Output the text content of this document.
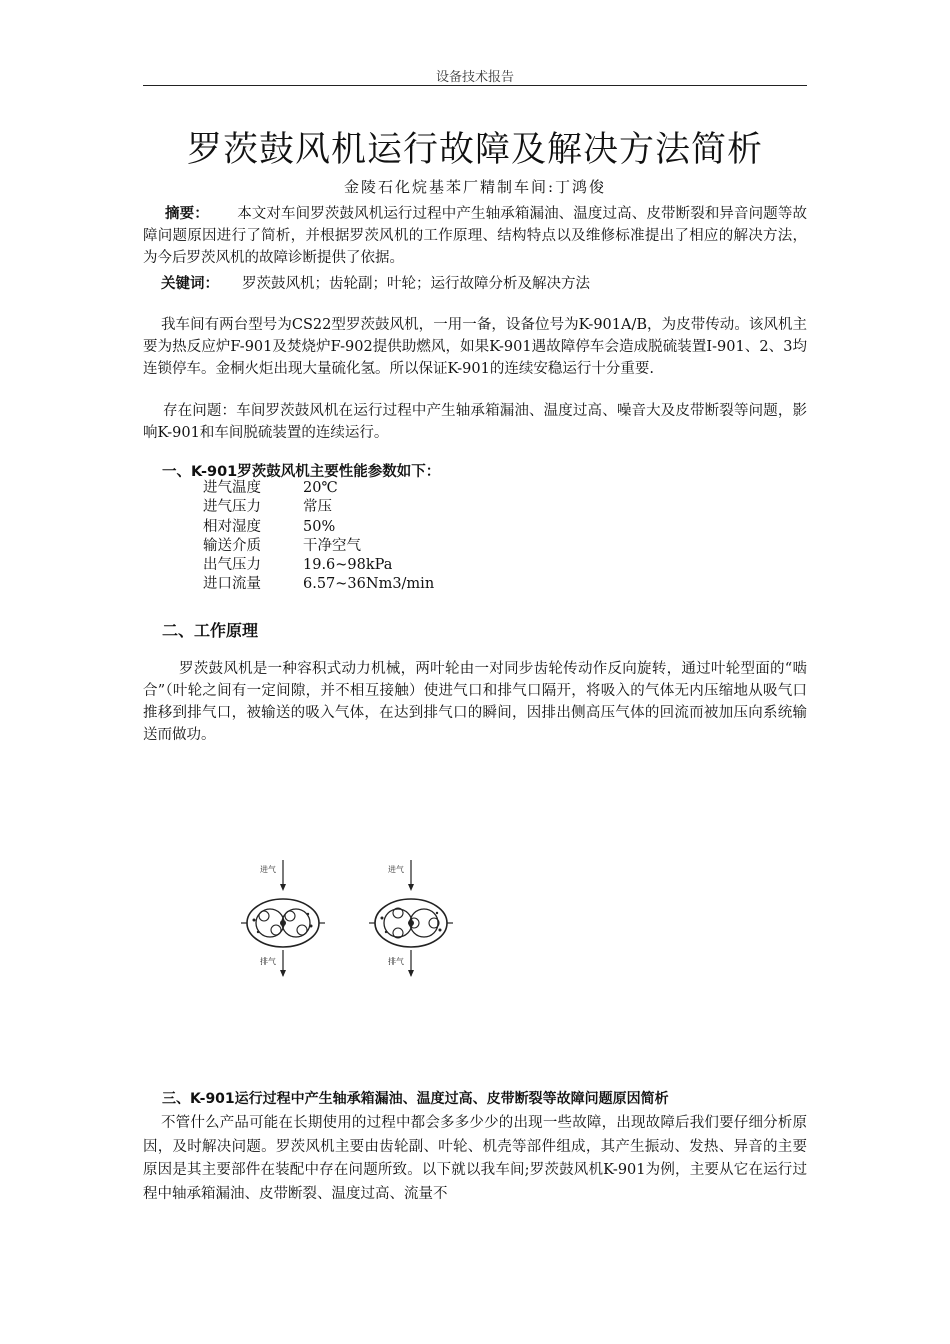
设备技术报告
罗茨鼓风机运行故障及解决方法简析
金陵石化烷基苯厂精制车间:丁鸿俊
摘要： 本文对车间罗茨鼓风机运行过程中产生轴承箱漏油、温度过高、皮带断裂和异音问题等故障问题原因进行了简析，并根据罗茨风机的工作原理、结构特点以及维修标准提出了相应的解决方法，为今后罗茨风机的故障诊断提供了依据。
关键词： 罗茨鼓风机；齿轮副；叶轮；运行故障分析及解决方法
我车间有两台型号为CS22型罗茨鼓风机，一用一备，设备位号为K-901A/B，为皮带传动。该风机主要为热反应炉F-901及焚烧炉F-902提供助燃风，如果K-901遇故障停车会造成脱硫装置I-901、2、3均连锁停车。金桐火炬出现大量硫化氢。所以保证K-901的连续安稳运行十分重要.
存在问题：车间罗茨鼓风机在运行过程中产生轴承箱漏油、温度过高、噪音大及皮带断裂等问题，影响K-901和车间脱硫装置的连续运行。
一、K-901罗茨鼓风机主要性能参数如下：
进气温度	20℃
进气压力	常压
相对湿度	50%
输送介质	干净空气
出气压力	19.6~98kPa
进口流量	6.57~36Nm3/min
二、工作原理
罗茨鼓风机是一种容积式动力机械，两叶轮由一对同步齿轮传动作反向旋转，通过叶轮型面的“啮合”（叶轮之间有一定间隙，并不相互接触）使进气口和排气口隔开，将吸入的气体无内压缩地从吸气口推移到排气口，被输送的吸入气体，在达到排气口的瞬间，因排出侧高压气体的回流而被加压向系统输送而做功。
进气
排气
进气
排气
三、K-901运行过程中产生轴承箱漏油、温度过高、皮带断裂等故障问题原因简析
不管什么产品可能在长期使用的过程中都会多多少少的出现一些故障，出现故障后我们要仔细分析原因，及时解决问题。罗茨风机主要由齿轮副、叶轮、机壳等部件组成，其产生振动、发热、异音的主要原因是其主要部件在装配中存在问题所致。以下就以我车间;罗茨鼓风机K-901为例，主要从它在运行过程中轴承箱漏油、皮带断裂、温度过高、流量不
